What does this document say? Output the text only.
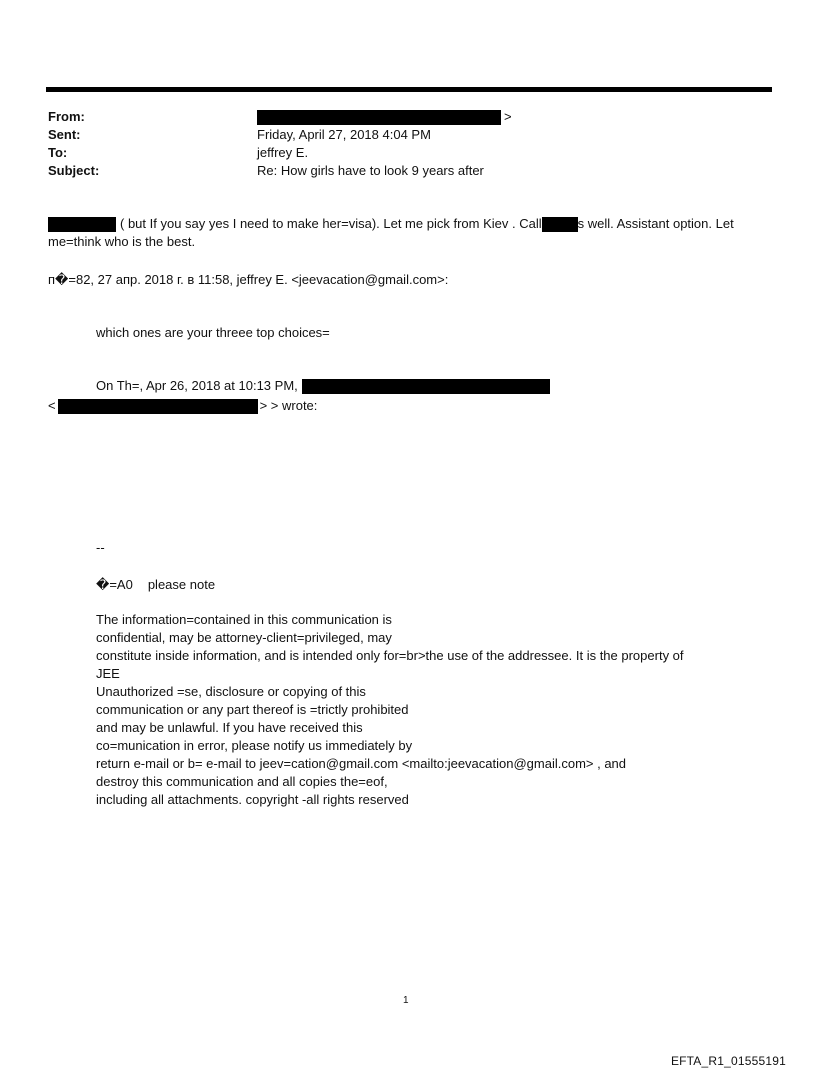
From:	>
Sent:	Friday, April 27, 2018 4:04 PM
To:	jeffrey E.
Subject:	Re: How girls have to look 9 years after
( but If you say yes I need to make her=visa). Let me pick from Kiev . Call	s well. Assistant option. Let
me=think who is the best.
п�=82, 27 апр. 2018 г. в 11:58, jeffrey E. <jeevacation@gmail.com>:
which ones are your threee top choices=
On Th=, Apr 26, 2018 at 10:13 PM,
<	> > wrote:
--
�=A0 please note
The information=contained in this communication is
confidential, may be attorney-client=privileged, may
constitute inside information, and is intended only for=br>the use of the addressee. It is the property of
JEE
Unauthorized =se, disclosure or copying of this
communication or any part thereof is =trictly prohibited
and may be unlawful. If you have received this
co=munication in error, please notify us immediately by
return e-mail or b= e-mail to jeev=cation@gmail.com <mailto:jeevacation@gmail.com> , and
destroy this communication and all copies the=eof,
including all attachments. copyright -all rights reserved
1
EFTA_R1_01555191
